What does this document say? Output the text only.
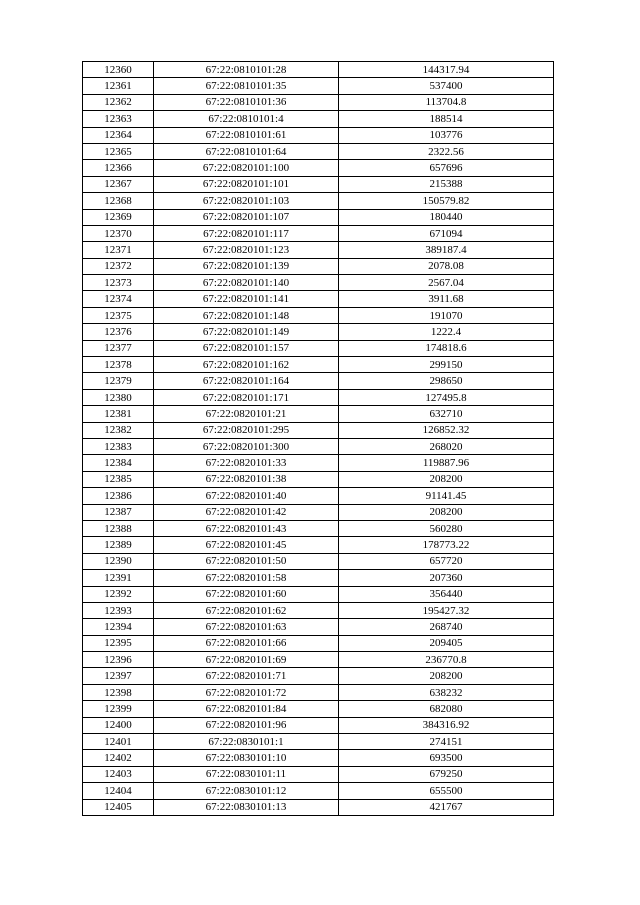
12360	67:22:0810101:28	144317.94
12361	67:22:0810101:35	537400
12362	67:22:0810101:36	113704.8
12363	67:22:0810101:4	188514
12364	67:22:0810101:61	103776
12365	67:22:0810101:64	2322.56
12366	67:22:0820101:100	657696
12367	67:22:0820101:101	215388
12368	67:22:0820101:103	150579.82
12369	67:22:0820101:107	180440
12370	67:22:0820101:117	671094
12371	67:22:0820101:123	389187.4
12372	67:22:0820101:139	2078.08
12373	67:22:0820101:140	2567.04
12374	67:22:0820101:141	3911.68
12375	67:22:0820101:148	191070
12376	67:22:0820101:149	1222.4
12377	67:22:0820101:157	174818.6
12378	67:22:0820101:162	299150
12379	67:22:0820101:164	298650
12380	67:22:0820101:171	127495.8
12381	67:22:0820101:21	632710
12382	67:22:0820101:295	126852.32
12383	67:22:0820101:300	268020
12384	67:22:0820101:33	119887.96
12385	67:22:0820101:38	208200
12386	67:22:0820101:40	91141.45
12387	67:22:0820101:42	208200
12388	67:22:0820101:43	560280
12389	67:22:0820101:45	178773.22
12390	67:22:0820101:50	657720
12391	67:22:0820101:58	207360
12392	67:22:0820101:60	356440
12393	67:22:0820101:62	195427.32
12394	67:22:0820101:63	268740
12395	67:22:0820101:66	209405
12396	67:22:0820101:69	236770.8
12397	67:22:0820101:71	208200
12398	67:22:0820101:72	638232
12399	67:22:0820101:84	682080
12400	67:22:0820101:96	384316.92
12401	67:22:0830101:1	274151
12402	67:22:0830101:10	693500
12403	67:22:0830101:11	679250
12404	67:22:0830101:12	655500
12405	67:22:0830101:13	421767
